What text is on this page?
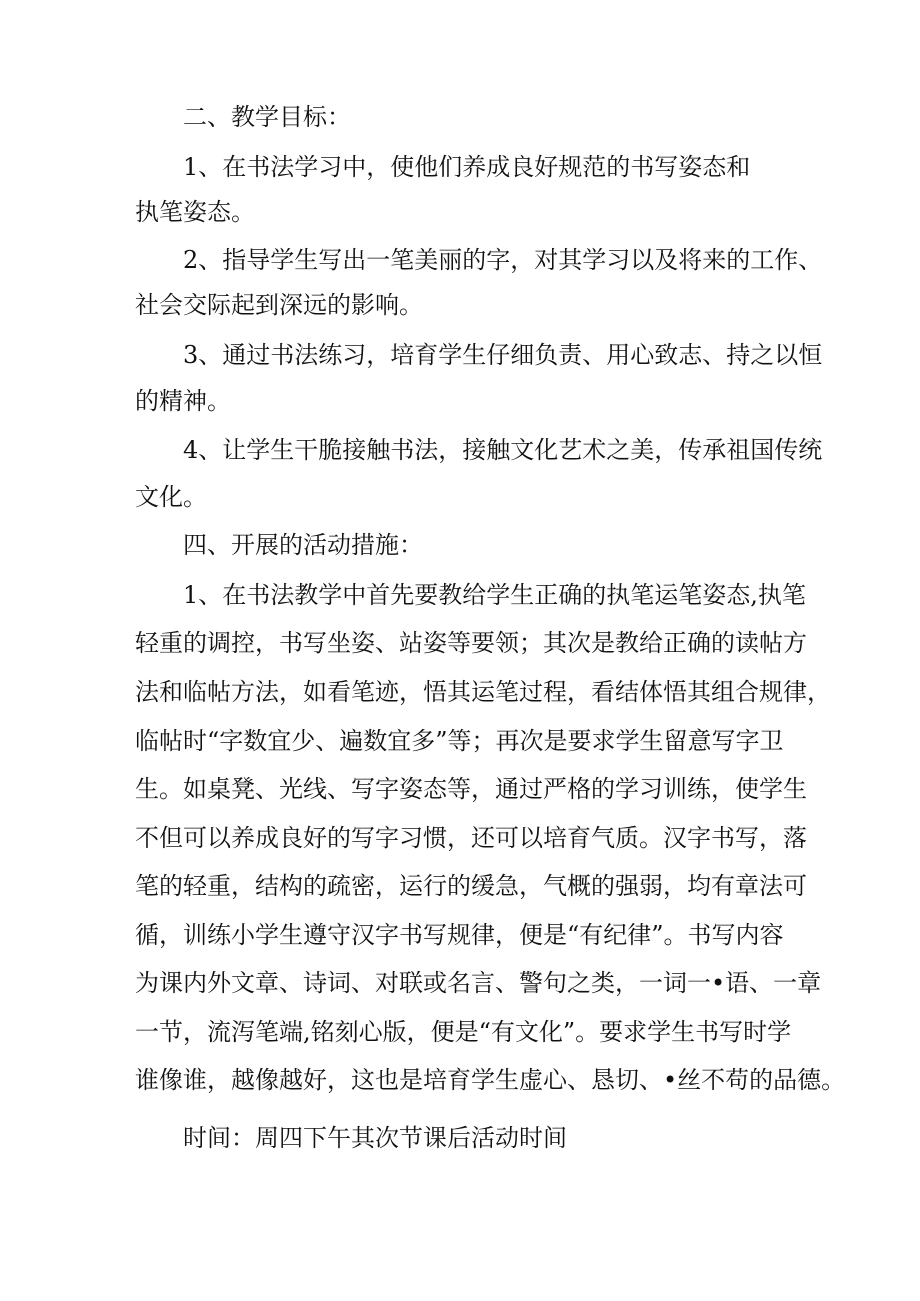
二、教学目标：

1、在书法学习中，使他们养成良好规范的书写姿态和

执笔姿态。

2、指导学生写出一笔美丽的字，对其学习以及将来的工作、

社会交际起到深远的影响。

3、通过书法练习，培育学生仔细负责、用心致志、持之以恒

的精神。

4、让学生干脆接触书法，接触文化艺术之美，传承祖国传统

文化。

四、开展的活动措施：

1、在书法教学中首先要教给学生正确的执笔运笔姿态,执笔

轻重的调控，书写坐姿、站姿等要领；其次是教给正确的读帖方

法和临帖方法，如看笔迹，悟其运笔过程，看结体悟其组合规律，

临帖时“字数宜少、遍数宜多”等；再次是要求学生留意写字卫

生。如桌凳、光线、写字姿态等，通过严格的学习训练，使学生

不但可以养成良好的写字习惯，还可以培育气质。汉字书写，落

笔的轻重，结构的疏密，运行的缓急，气概的强弱，均有章法可

循，训练小学生遵守汉字书写规律，便是“有纪律”。书写内容

为课内外文章、诗词、对联或名言、警句之类，一词一•语、一章

一节，流泻笔端,铭刻心版，便是“有文化”。要求学生书写时学

谁像谁，越像越好，这也是培育学生虚心、恳切、•丝不苟的品德。

时间：周四下午其次节课后活动时间
